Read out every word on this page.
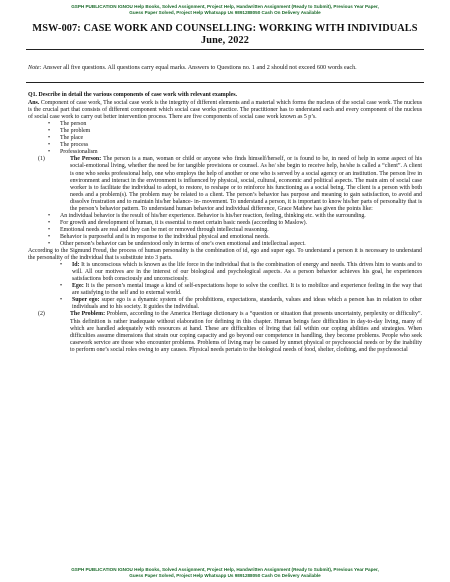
GSPH PUBLICATION IGNOU Help Books, Solved Assignment, Project Help, Handwritten Assignment (Ready to Submit), Previous Year Paper,
Guess Paper Solved, Project Help Whatsapp Us 9891288050 Cash On Delivery Available
MSW-007: CASE WORK AND COUNSELLING: WORKING WITH INDIVIDUALS
June, 2022
Note: Answer all five questions. All questions carry equal marks. Answers to Questions no. 1 and 2 should not exceed 600 words each.

Q1. Describe in detail the various components of case work with relevant examples.

Ans. Component of case work, The social case work is the integrity of different elements and a material which forms the nucleus of the social case work. The nucleus is the crucial part that consists of different component which social case works practice. The practitioner has to understand each and every component of the nucleus of social case work to carry out better intervention process. There are five components of social case work known as 5 p’s.

• The person
• The problem
• The place
• The process
• Professionalism
(1)	The Person: The person is a man, woman or child or anyone who finds himself/herself, or is found to be, in need of help in some aspect of his social-emotional living, whether the need be for tangible provisions or counsel. As he/ she begin to receive help, he/she is called a “client”. A client is one who seeks professional help, one who employs the help of another or one who is served by a social agency or an institution. The person live in environment and interact in the environment is influenced by physical, social, cultural, economic and political aspects. The main aim of social case worker is to facilitate the individual to adopt, to restore, to reshape or to reinforce his functioning as a social being. The client is a person with both needs and a problem(s). The problem may be related to a client. The person’s behavior has purpose and meaning to gain satisfaction, to avoid and dissolve frustration and to maintain his/her balance- in- movement. To understand a person, it is important to know his/her parts of personality that is the person’s behavior pattern. To understand human behavior and individual difference, Grace Mathew has given the points like:
• An individual behavior is the result of his/her experience. Behavior is his/her reaction, feeling, thinking etc. with the surrounding.
• For growth and development of human, it is essential to meet certain basic needs (according to Maslow).
• Emotional needs are real and they can be met or removed through intellectual reasoning.
• Behavior is purposeful and is in response to the individual physical and emotional needs.
• Other person’s behavior can be understood only in terms of one’s own emotional and intellectual aspect.

According to the Sigmund Freud, the process of human personality is the combination of id, ego and super ego. To understand a person it is necessary to understand the personality of the individual that is substitute into 3 parts.

• Id: It is unconscious which is known as the life force in the individual that is the combination of energy and needs. This drives him to wants and to will. All our motives are in the interest of our biological and psychological aspects. As a person behavior achieves his goal, he experiences satisfactions both consciously and unconsciously.
• Ego: It is the person’s mental image a kind of self-expectations hope to solve the conflict. It is to mobilize and experience feeling in the way that are satisfying to the self and to external world.
• Super ego: super ego is a dynamic system of the prohibitions, expectations, standards, values and ideas which a person has in relation to other individuals and to his society. It guides the individual.
(2)	The Problem: Problem, according to the America Heritage dictionary is a “question or situation that presents uncertainty, perplexity or difficulty”. This definition is rather inadequate without elaboration for defining in this chapter. Human beings face difficulties in day-to-day living, many of which are handled adequately with resources at hand. These are difficulties of living that fall within our coping abilities and strategies. When difficulties assume dimensions that strain our coping capacity and go beyond our competence in handling, they become problems. People who seek casework service are those who encounter problems. Problems of living may be caused by unmet physical or psychosocial needs or by the inability to perform one’s social roles owing to any causes. Physical needs pertain to the biological needs of food, shelter, clothing, and the psychosocial
GSPH PUBLICATION IGNOU Help Books, Solved Assignment, Project Help, Handwritten Assignment (Ready to Submit), Previous Year Paper,
Guess Paper Solved, Project Help Whatsapp Us 9891288050 Cash On Delivery Available
